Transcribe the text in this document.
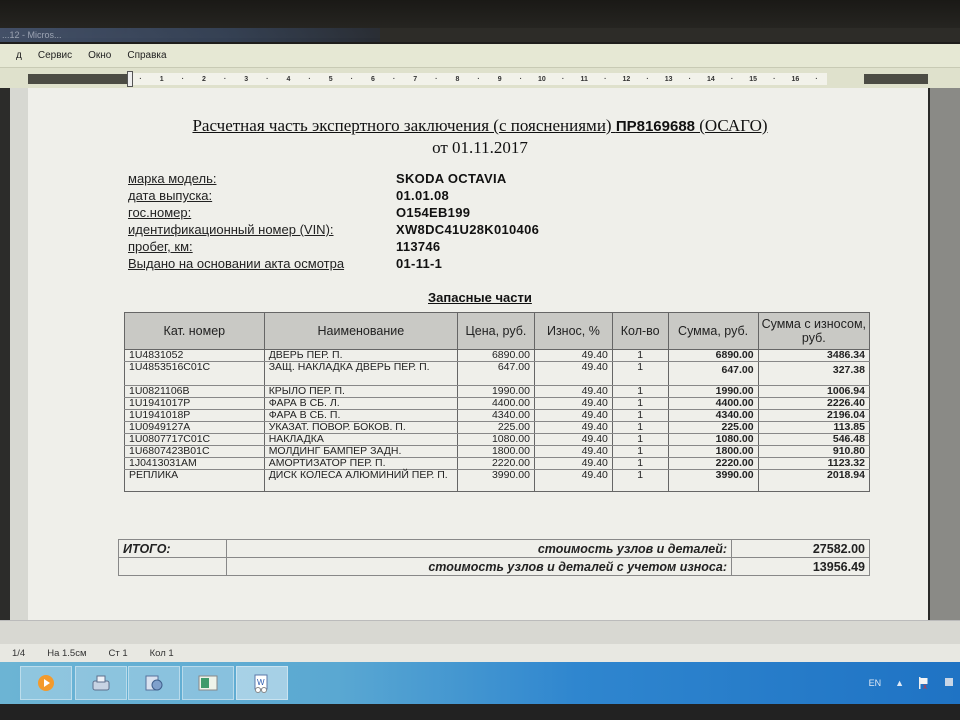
...12 - Micros...
д	Сервис	Окно	Справка
·	1	·	2	·	3	·	4	·	5	·	6	·	7	·	8	·	9	·	10	·	11	·	12	·	13	·	14	·	15	·	16	·
Расчетная часть экспертного заключения (с пояснениями) ПР8169688 (ОСАГО)
от 01.11.2017
марка модель:	SKODA OCTAVIA
дата выпуска:	01.01.08
гос.номер:	O154EB199
идентификационный номер (VIN):	XW8DC41U28K010406
пробег, км:	113746
Выдано на основании акта осмотра	01-11-1
Запасные части
Кат. номер	Наименование	Цена, руб.	Износ, %	Кол-во	Сумма, руб.	Сумма с износом, руб.
1U4831052	ДВЕРЬ ПЕР. П.	6890.00	49.40	1	6890.00	3486.34
1U4853516C01C	ЗАЩ. НАКЛАДКА ДВЕРЬ ПЕР. П.	647.00	49.40	1	647.00	327.38
1U0821106B	КРЫЛО ПЕР. П.	1990.00	49.40	1	1990.00	1006.94
1U1941017P	ФАРА В СБ. Л.	4400.00	49.40	1	4400.00	2226.40
1U1941018P	ФАРА В СБ. П.	4340.00	49.40	1	4340.00	2196.04
1U0949127A	УКАЗАТ. ПОВОР. БОКОВ. П.	225.00	49.40	1	225.00	113.85
1U0807717C01C	НАКЛАДКА	1080.00	49.40	1	1080.00	546.48
1U6807423B01C	МОЛДИНГ БАМПЕР ЗАДН.	1800.00	49.40	1	1800.00	910.80
1J0413031AM	АМОРТИЗАТОР ПЕР. П.	2220.00	49.40	1	2220.00	1123.32
РЕПЛИКА	ДИСК КОЛЕСА АЛЮМИНИЙ ПЕР. П.	3990.00	49.40	1	3990.00	2018.94
ИТОГО:	стоимость узлов и деталей:	27582.00
	стоимость узлов и деталей с учетом износа:	13956.49
1/4 На 1.5см Ст 1 Кол 1
W	EN ▲ x
